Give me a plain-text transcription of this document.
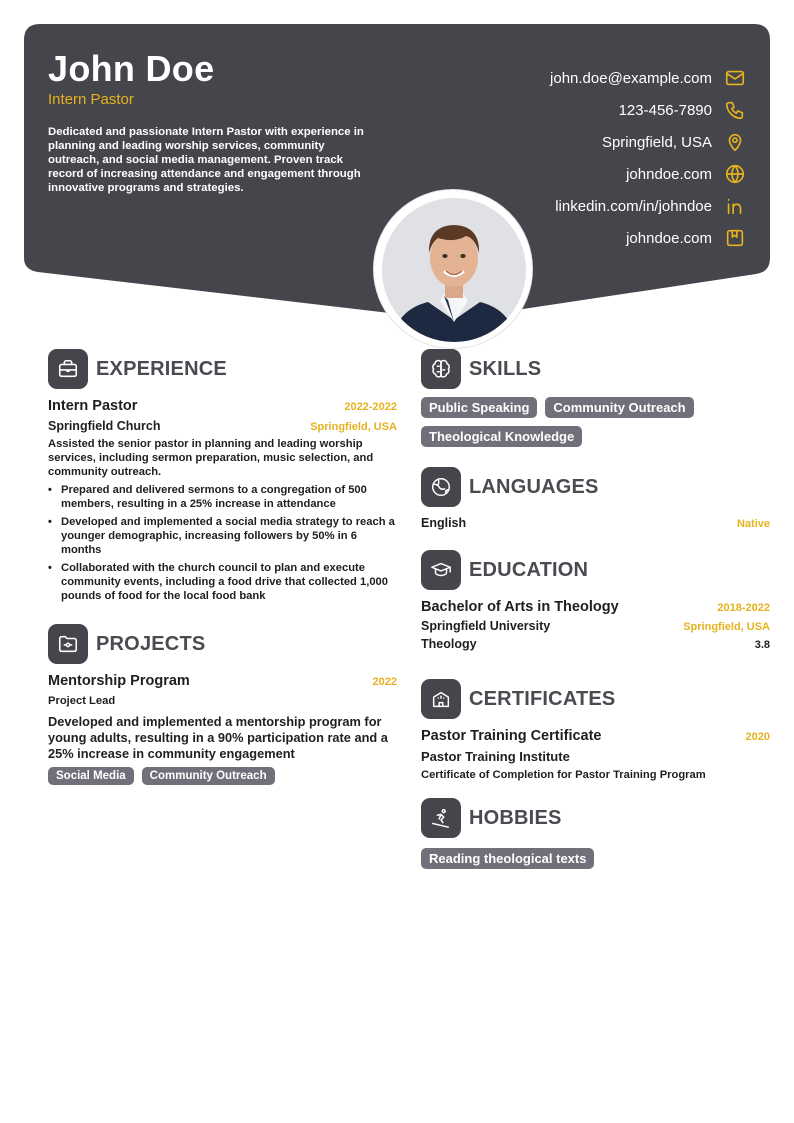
John Doe
Intern Pastor
Dedicated and passionate Intern Pastor with experience in planning and leading worship services, community outreach, and social media management. Proven track record of increasing attendance and engagement through innovative programs and strategies.
john.doe@example.com
123-456-7890
Springfield, USA
johndoe.com
linkedin.com/in/johndoe
johndoe.com
EXPERIENCE
Intern Pastor	2022-2022
Springfield Church	Springfield, USA
Assisted the senior pastor in planning and leading worship services, including sermon preparation, music selection, and community outreach.
• Prepared and delivered sermons to a congregation of 500 members, resulting in a 25% increase in attendance
• Developed and implemented a social media strategy to reach a younger demographic, increasing followers by 50% in 6 months
• Collaborated with the church council to plan and execute community events, including a food drive that collected 1,000 pounds of food for the local food bank
PROJECTS
Mentorship Program	2022
Project Lead
Developed and implemented a mentorship program for young adults, resulting in a 90% participation rate and a 25% increase in community engagement
Social Media	Community Outreach
SKILLS
Public Speaking	Community Outreach
Theological Knowledge
LANGUAGES
English	Native
EDUCATION
Bachelor of Arts in Theology	2018-2022
Springfield University	Springfield, USA
Theology	3.8
CERTIFICATES
Pastor Training Certificate	2020
Pastor Training Institute
Certificate of Completion for Pastor Training Program
HOBBIES
Reading theological texts
